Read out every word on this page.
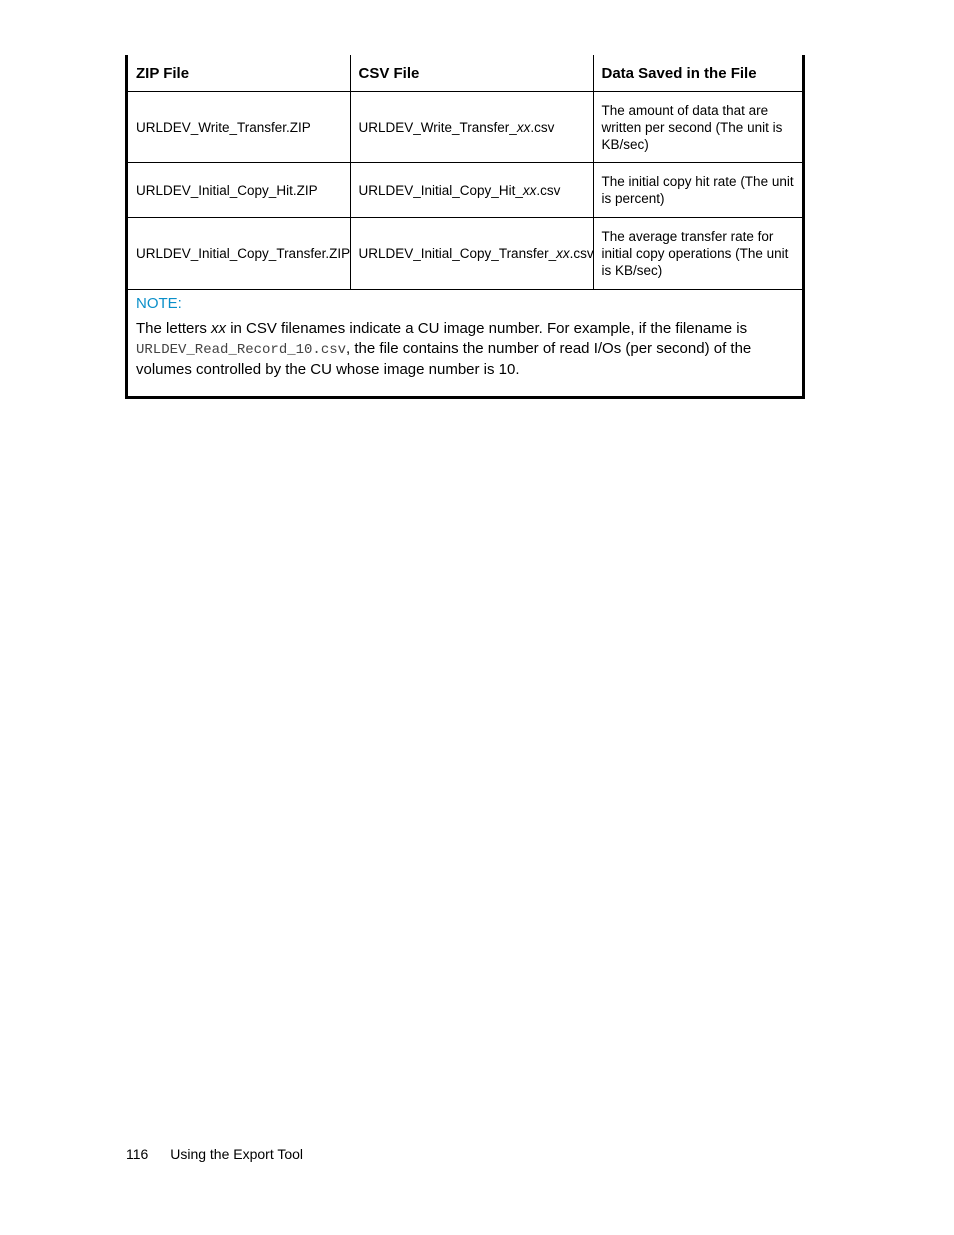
ZIP File	CSV File	Data Saved in the File
URLDEV_Write_Transfer.ZIP	URLDEV_Write_Transfer_xx.csv	The amount of data that are written per second (The unit is KB/sec)
URLDEV_Initial_Copy_Hit.ZIP	URLDEV_Initial_Copy_Hit_xx.csv	The initial copy hit rate (The unit is percent)
URLDEV_Initial_Copy_Transfer.ZIP	URLDEV_Initial_Copy_Transfer_xx.csv	The average transfer rate for initial copy operations (The unit is KB/sec)

NOTE:

The letters xx in CSV filenames indicate a CU image number. For example, if the filename is URLDEV_Read_Record_10.csv, the file contains the number of read I/Os (per second) of the volumes controlled by the CU whose image number is 10.		

116 Using the Export Tool
